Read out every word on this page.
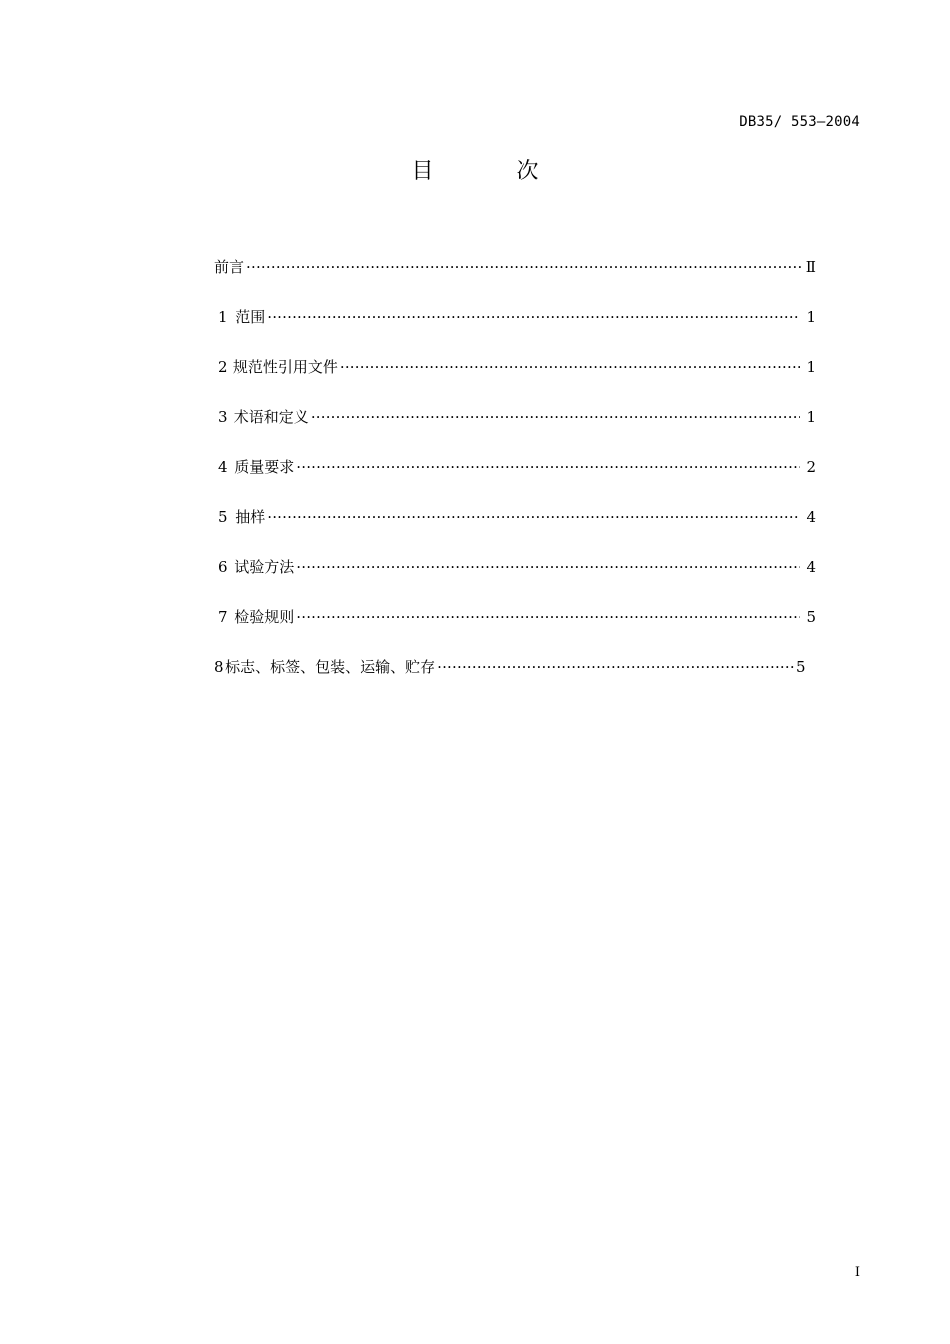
DB35/ 553—2004
目 次
前言 ·····	Ⅱ
1 范围 ·····	1
2 规范性引用文件 ·····	1
3 术语和定义 ·····	1
4 质量要求 ·····	2
5 抽样 ·····	4
6 试验方法 ·····	4
7 检验规则 ·····	5
8 标志、标签、包装、运输、贮存 ·····	5
I
